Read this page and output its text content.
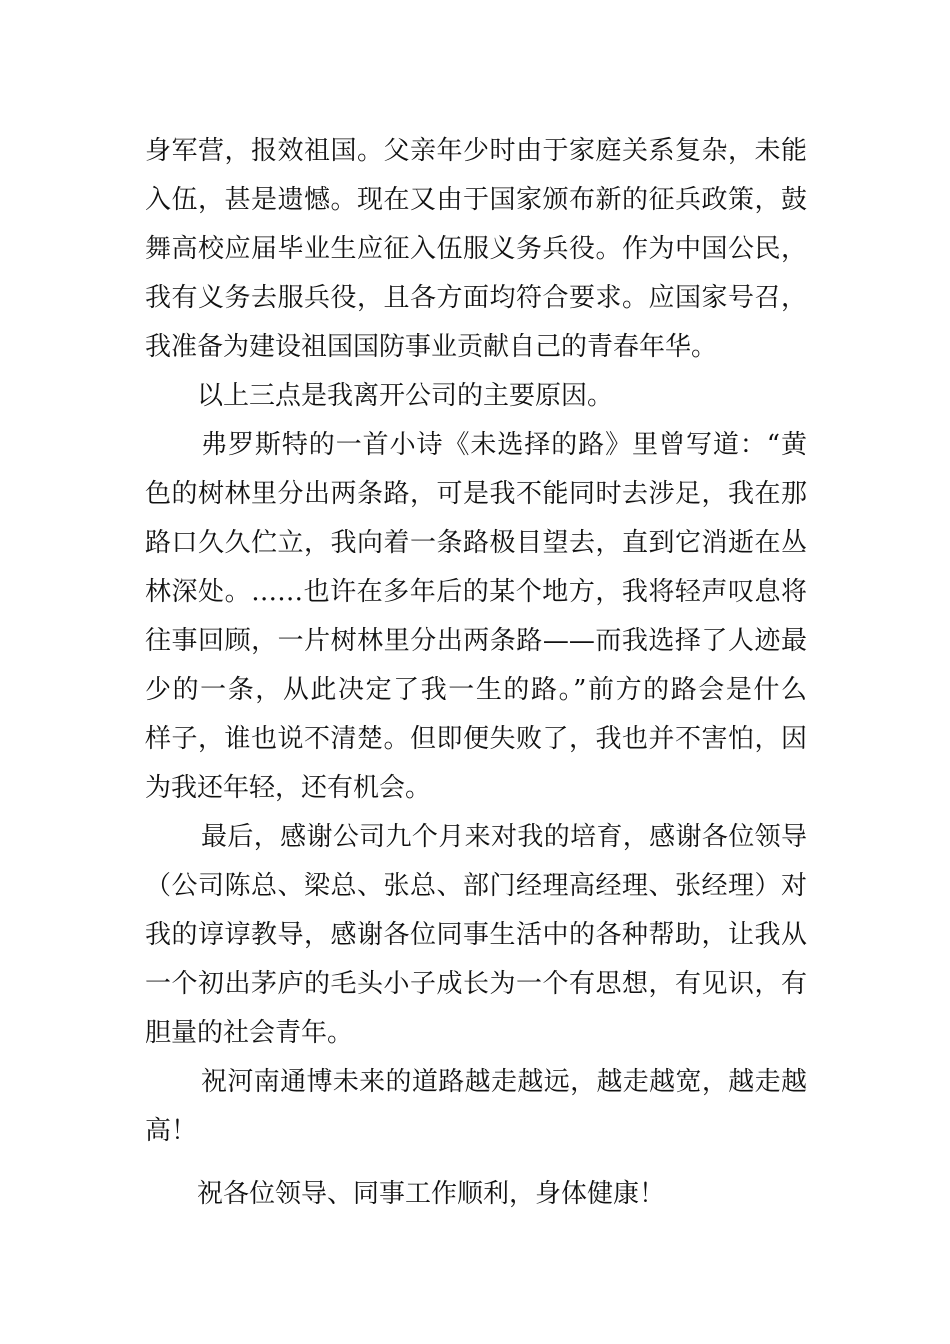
身军营，报效祖国。父亲年少时由于家庭关系复杂，未能
入伍，甚是遗憾。现在又由于国家颁布新的征兵政策，鼓
舞高校应届毕业生应征入伍服义务兵役。作为中国公民，
我有义务去服兵役，且各方面均符合要求。应国家号召，
我准备为建设祖国国防事业贡献自己的青春年华。
以上三点是我离开公司的主要原因。
弗罗斯特的一首小诗《未选择的路》里曾写道：“黄
色的树林里分出两条路，可是我不能同时去涉足，我在那
路口久久伫立，我向着一条路极目望去，直到它消逝在丛
林深处。……也许在多年后的某个地方，我将轻声叹息将
往事回顾，一片树林里分出两条路——而我选择了人迹最
少的一条，从此决定了我一生的路。”前方的路会是什么
样子，谁也说不清楚。但即便失败了，我也并不害怕，因
为我还年轻，还有机会。
最后，感谢公司九个月来对我的培育，感谢各位领导
（公司陈总、梁总、张总、部门经理高经理、张经理）对
我的谆谆教导，感谢各位同事生活中的各种帮助，让我从
一个初出茅庐的毛头小子成长为一个有思想，有见识，有
胆量的社会青年。
祝河南通博未来的道路越走越远，越走越宽，越走越
高！
祝各位领导、同事工作顺利，身体健康！
